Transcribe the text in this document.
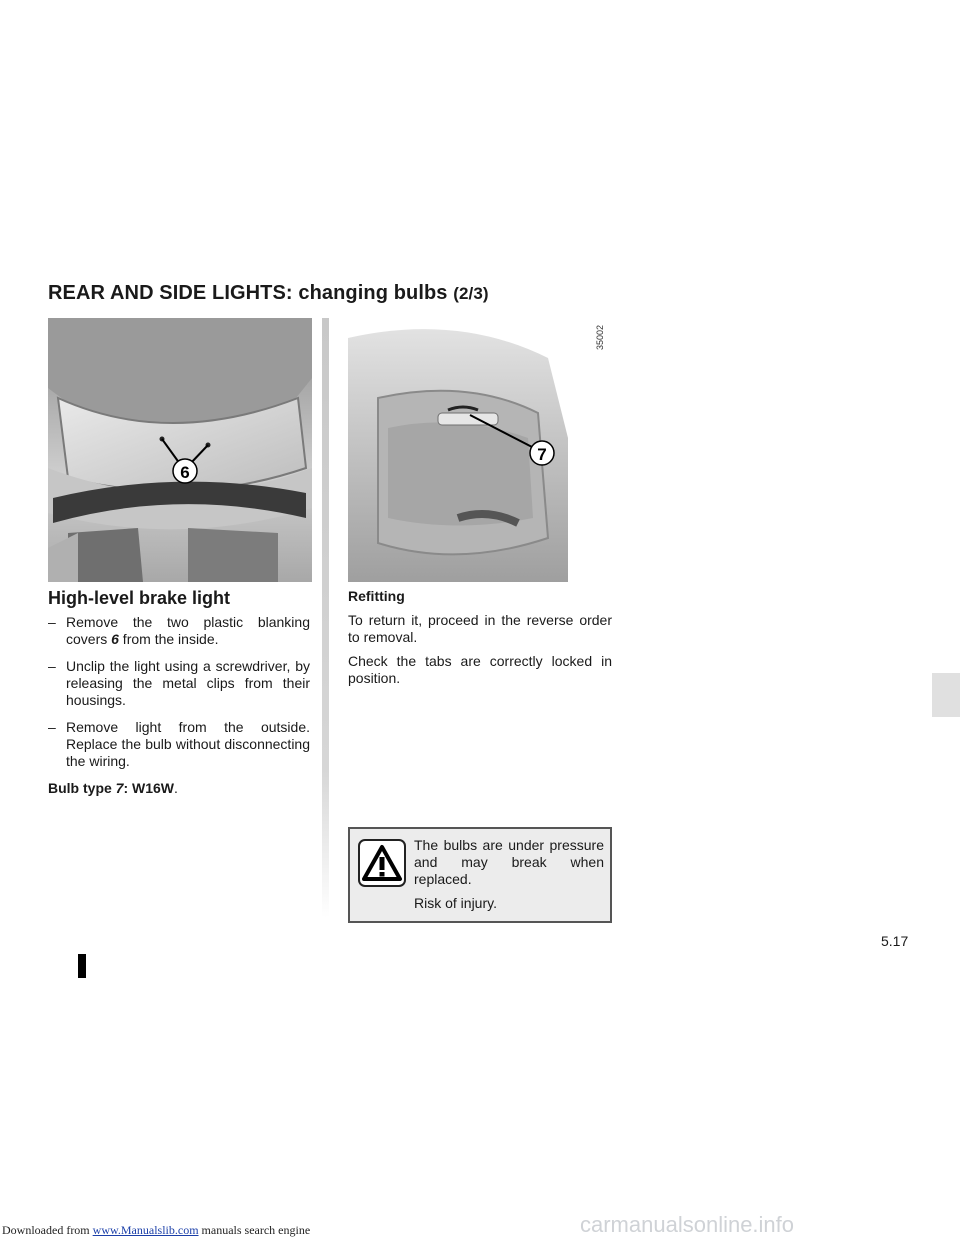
REAR AND SIDE LIGHTS: changing bulbs (2/3)
6
35002
7
High-level brake light
– Remove the two plastic blanking covers 6 from the inside.
– Unclip the light using a screwdriver, by releasing the metal clips from their housings.
– Remove light from the outside. Replace the bulb without disconnecting the wiring.
Bulb type 7: W16W.
Refitting

To return it, proceed in the reverse order to removal.

Check the tabs are correctly locked in position.

The bulbs are under pressure and may break when replaced.

Risk of injury.

5.17
Downloaded from www.Manualslib.com manuals search engine	carmanualsonline.info
